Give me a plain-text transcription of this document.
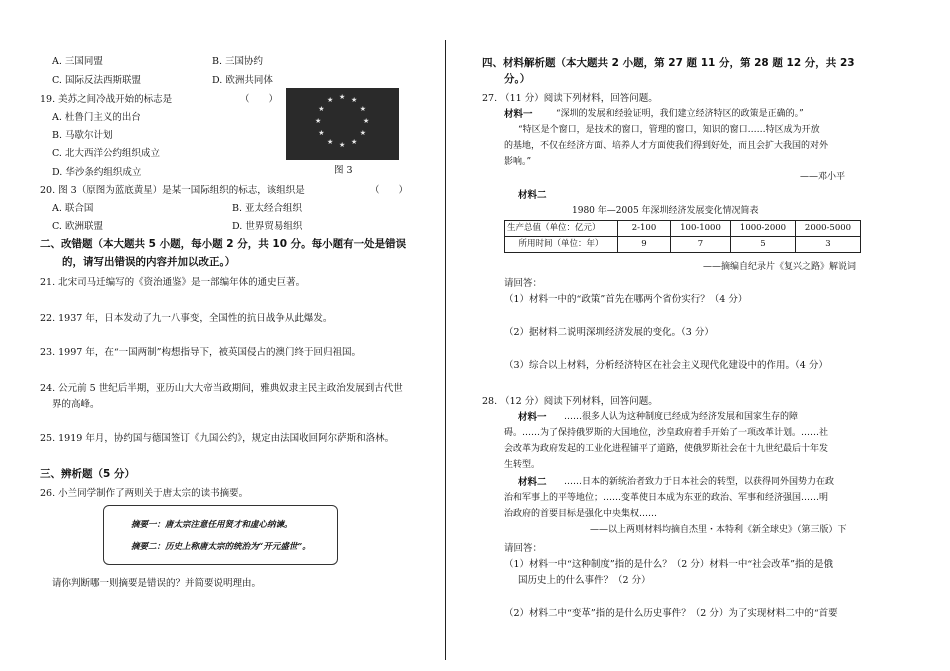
A. 三国同盟	B. 三国协约
C. 国际反法西斯联盟	D. 欧洲共同体
19. 美苏之间冷战开始的标志是	（　　）
A. 杜鲁门主义的出台
B. 马歇尔计划
C. 北大西洋公约组织成立
D. 华沙条约组织成立
★ ★
★
★
★
★
★
★
★
★
★
★
图 3
20. 图 3（原图为蓝底黄星）是某一国际组织的标志，该组织是	（　　）
A. 联合国	B. 亚太经合组织
C. 欧洲联盟	D. 世界贸易组织
二、改错题（本大题共 5 小题，每小题 2 分，共 10 分。每小题有一处是错误
的，请写出错误的内容并加以改正。）
21. 北宋司马迁编写的《资治通鉴》是一部编年体的通史巨著。
22. 1937 年，日本发动了九一八事变，全国性的抗日战争从此爆发。
23. 1997 年，在“一国两制”构想指导下，被英国侵占的澳门终于回归祖国。
24. 公元前 5 世纪后半期，亚历山大大帝当政期间，雅典奴隶主民主政治发展到古代世
界的高峰。
25. 1919 年月，协约国与德国签订《九国公约》，规定由法国收回阿尔萨斯和洛林。
三、辨析题（5 分）
26. 小兰同学制作了两则关于唐太宗的读书摘要。
摘要一：唐太宗注意任用贤才和虚心纳谏。
摘要二：历史上称唐太宗的统治为“开元盛世”。
请你判断哪一则摘要是错误的？并简要说明理由。
四、材料解析题（本大题共 2 小题，第 27 题 11 分，第 28 题 12 分，共 23
分。）
27. （11 分）阅读下列材料，回答问题。
材料一	“深圳的发展和经验证明，我们建立经济特区的政策是正确的。”
“特区是个窗口，是技术的窗口，管理的窗口，知识的窗口……特区成为开放
的基地，不仅在经济方面、培养人才方面使我们得到好处，而且会扩大我国的对外
影响。”
——邓小平
材料二
1980 年—2005 年深圳经济发展变化情况简表
生产总值（单位：亿元）	2-100	100-1000	1000-2000	2000-5000
所用时间（单位：年）	9	7	5	3
——摘编自纪录片《复兴之路》解说词
请回答：
（1）材料一中的“政策”首先在哪两个省份实行？（4 分）
（2）据材料二说明深圳经济发展的变化。（3 分）
（3）综合以上材料，分析经济特区在社会主义现代化建设中的作用。（4 分）
28. （12 分）阅读下列材料，回答问题。
材料一 ……很多人认为这种制度已经成为经济发展和国家生存的障
碍。……为了保持俄罗斯的大国地位，沙皇政府着手开始了一项改革计划。……社
会改革为政府发起的工业化进程铺平了道路，使俄罗斯社会在十九世纪最后十年发
生转型。
材料二 ……日本的新统治者致力于日本社会的转型，以获得同外国势力在政
治和军事上的平等地位；……变革使日本成为东亚的政治、军事和经济强国……明
治政府的首要目标是强化中央集权……
——以上两则材料均摘自杰里・本特利《新全球史》（第三版）下
请回答：
（1）材料一中“这种制度”指的是什么？（2 分）材料一中“社会改革”指的是俄
国历史上的什么事件？（2 分）
（2）材料二中“变革”指的是什么历史事件？（2 分）为了实现材料二中的“首要
